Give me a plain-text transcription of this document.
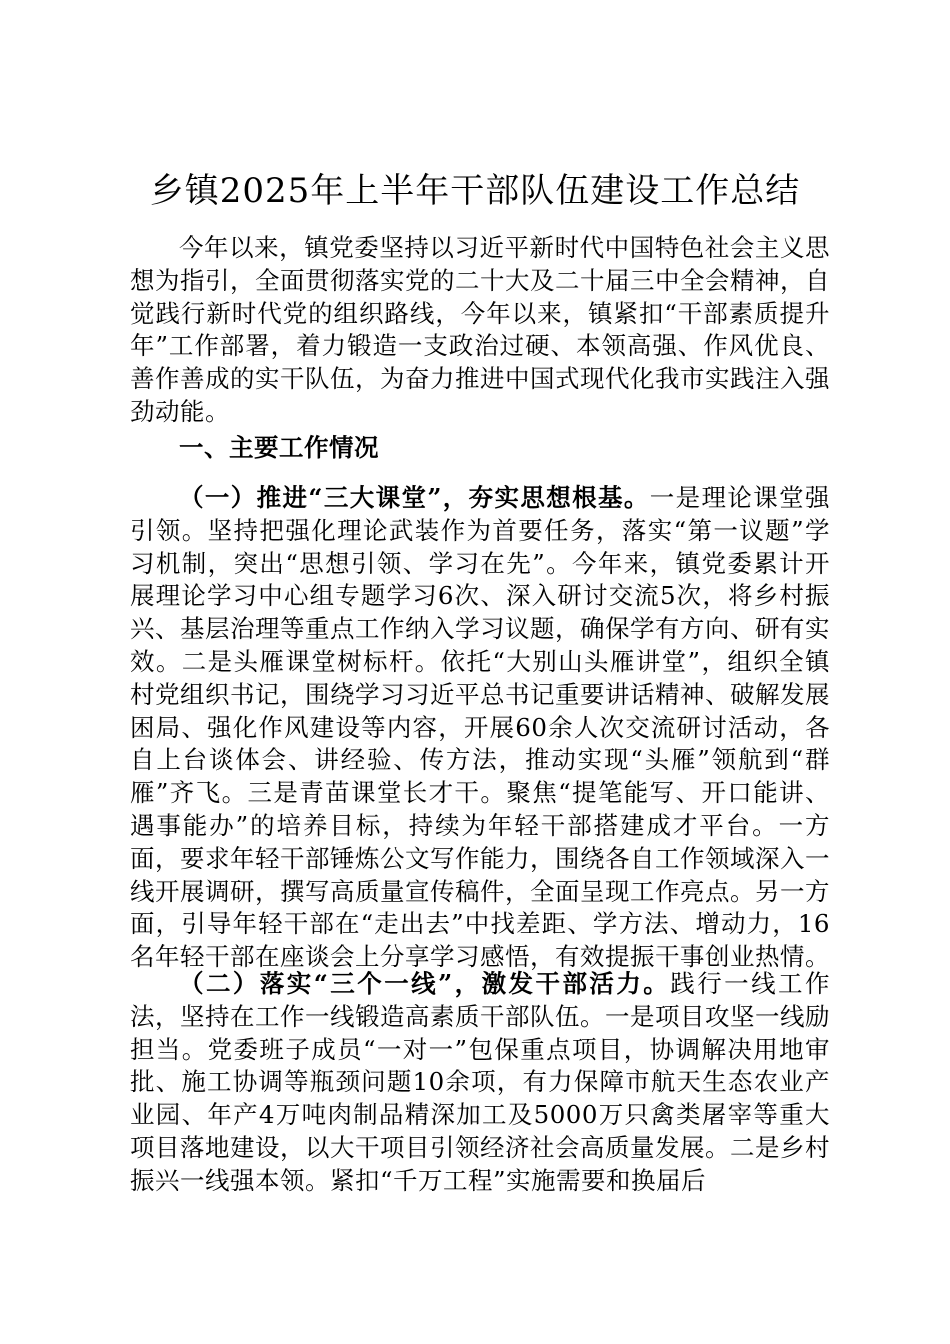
乡镇2025年上半年干部队伍建设工作总结

今年以来，镇党委坚持以习近平新时代中国特色社会主义思想为指引，全面贯彻落实党的二十大及二十届三中全会精神，自觉践行新时代党的组织路线，今年以来，镇紧扣“干部素质提升年”工作部署，着力锻造一支政治过硬、本领高强、作风优良、善作善成的实干队伍，为奋力推进中国式现代化我市实践注入强劲动能。

一、主要工作情况

（一）推进“三大课堂”，夯实思想根基。一是理论课堂强引领。坚持把强化理论武装作为首要任务，落实“第一议题”学习机制，突出“思想引领、学习在先”。今年来，镇党委累计开展理论学习中心组专题学习6次、深入研讨交流5次，将乡村振兴、基层治理等重点工作纳入学习议题，确保学有方向、研有实效。二是头雁课堂树标杆。依托“大别山头雁讲堂”，组织全镇村党组织书记，围绕学习习近平总书记重要讲话精神、破解发展困局、强化作风建设等内容，开展60余人次交流研讨活动，各自上台谈体会、讲经验、传方法，推动实现“头雁”领航到“群雁”齐飞。三是青苗课堂长才干。聚焦“提笔能写、开口能讲、遇事能办”的培养目标，持续为年轻干部搭建成才平台。一方面，要求年轻干部锤炼公文写作能力，围绕各自工作领域深入一线开展调研，撰写高质量宣传稿件，全面呈现工作亮点。另一方面，引导年轻干部在“走出去”中找差距、学方法、增动力，16名年轻干部在座谈会上分享学习感悟，有效提振干事创业热情。

（二）落实“三个一线”，激发干部活力。践行一线工作法，坚持在工作一线锻造高素质干部队伍。一是项目攻坚一线励担当。党委班子成员“一对一”包保重点项目，协调解决用地审批、施工协调等瓶颈问题10余项，有力保障市航天生态农业产业园、年产4万吨肉制品精深加工及5000万只禽类屠宰等重大项目落地建设，以大干项目引领经济社会高质量发展。二是乡村振兴一线强本领。紧扣“千万工程”实施需要和换届后
